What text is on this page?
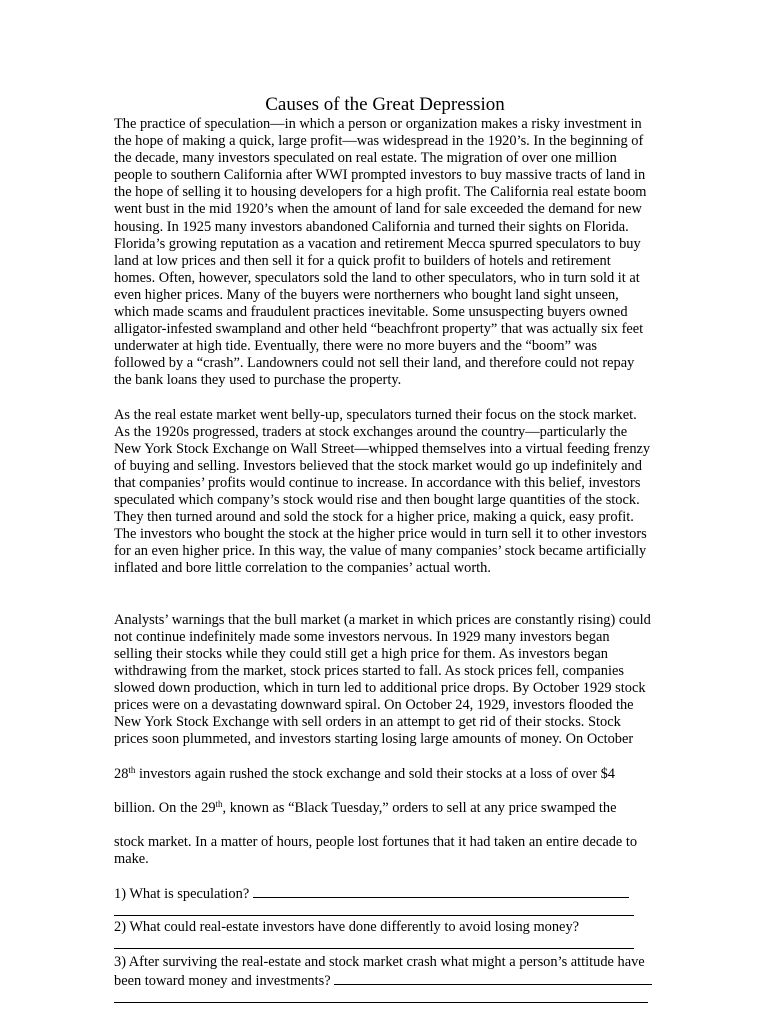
Causes of the Great Depression
The practice of speculation—in which a person or organization makes a risky investment in
the hope of making a quick, large profit—was widespread in the 1920’s. In the beginning of
the decade, many investors speculated on real estate. The migration of over one million
people to southern California after WWI prompted investors to buy massive tracts of land in
the hope of selling it to housing developers for a high profit. The California real estate boom
went bust in the mid 1920’s when the amount of land for sale exceeded the demand for new
housing. In 1925 many investors abandoned California and turned their sights on Florida.
Florida’s growing reputation as a vacation and retirement Mecca spurred speculators to buy
land at low prices and then sell it for a quick profit to builders of hotels and retirement
homes. Often, however, speculators sold the land to other speculators, who in turn sold it at
even higher prices. Many of the buyers were northerners who bought land sight unseen,
which made scams and fraudulent practices inevitable. Some unsuspecting buyers owned
alligator-infested swampland and other held “beachfront property” that was actually six feet
underwater at high tide. Eventually, there were no more buyers and the “boom” was
followed by a “crash”. Landowners could not sell their land, and therefore could not repay
the bank loans they used to purchase the property.
As the real estate market went belly-up, speculators turned their focus on the stock market.
As the 1920s progressed, traders at stock exchanges around the country—particularly the
New York Stock Exchange on Wall Street—whipped themselves into a virtual feeding frenzy
of buying and selling. Investors believed that the stock market would go up indefinitely and
that companies’ profits would continue to increase. In accordance with this belief, investors
speculated which company’s stock would rise and then bought large quantities of the stock.
They then turned around and sold the stock for a higher price, making a quick, easy profit.
The investors who bought the stock at the higher price would in turn sell it to other investors
for an even higher price. In this way, the value of many companies’ stock became artificially
inflated and bore little correlation to the companies’ actual worth.

Analysts’ warnings that the bull market (a market in which prices are constantly rising) could
not continue indefinitely made some investors nervous. In 1929 many investors began
selling their stocks while they could still get a high price for them. As investors began
withdrawing from the market, stock prices started to fall. As stock prices fell, companies
slowed down production, which in turn led to additional price drops. By October 1929 stock
prices were on a devastating downward spiral. On October 24, 1929, investors flooded the
New York Stock Exchange with sell orders in an attempt to get rid of their stocks. Stock
prices soon plummeted, and investors starting losing large amounts of money. On October

28th investors again rushed the stock exchange and sold their stocks at a loss of over $4

billion. On the 29th, known as “Black Tuesday,” orders to sell at any price swamped the

stock market. In a matter of hours, people lost fortunes that it had taken an entire decade to
make.

1) What is speculation?
2) What could real-estate investors have done differently to avoid losing money?
3) After surviving the real-estate and stock market crash what might a person’s attitude have
been toward money and investments?
